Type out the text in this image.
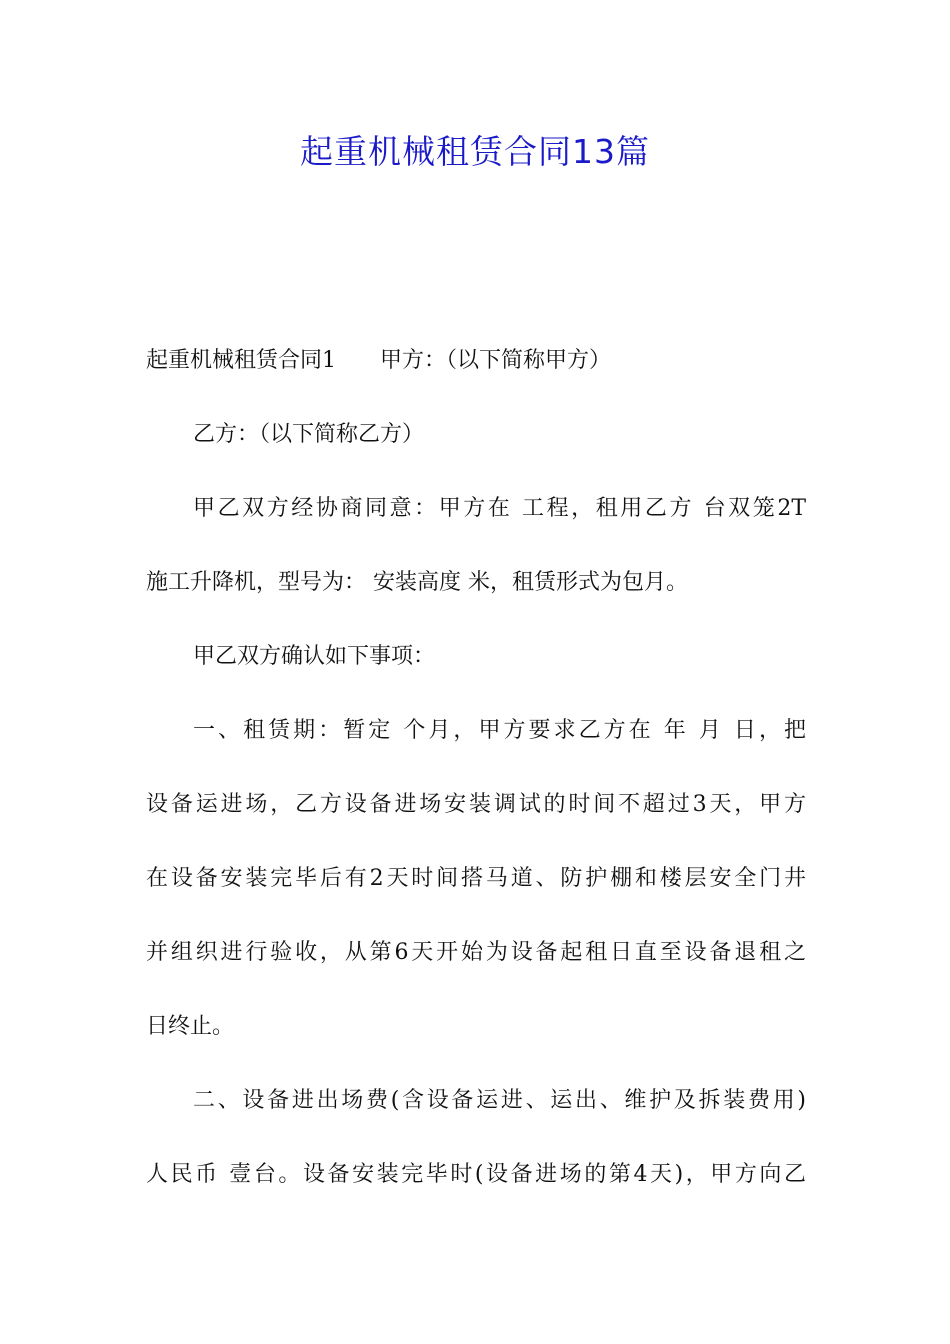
起重机械租赁合同13篇
起重机械租赁合同1　　甲方：（以下简称甲方）
乙方：（以下简称乙方）
甲乙双方经协商同意：甲方在 工程，租用乙方 台双笼2T
施工升降机，型号为： 安装高度 米，租赁形式为包月。
甲乙双方确认如下事项：
一、租赁期：暂定 个月，甲方要求乙方在 年 月 日，把
设备运进场，乙方设备进场安装调试的时间不超过3天，甲方
在设备安装完毕后有2天时间搭马道、防护棚和楼层安全门井
并组织进行验收，从第6天开始为设备起租日直至设备退租之
日终止。
二、设备进出场费(含设备运进、运出、维护及拆装费用)
人民币 壹台。设备安装完毕时(设备进场的第4天)，甲方向乙
